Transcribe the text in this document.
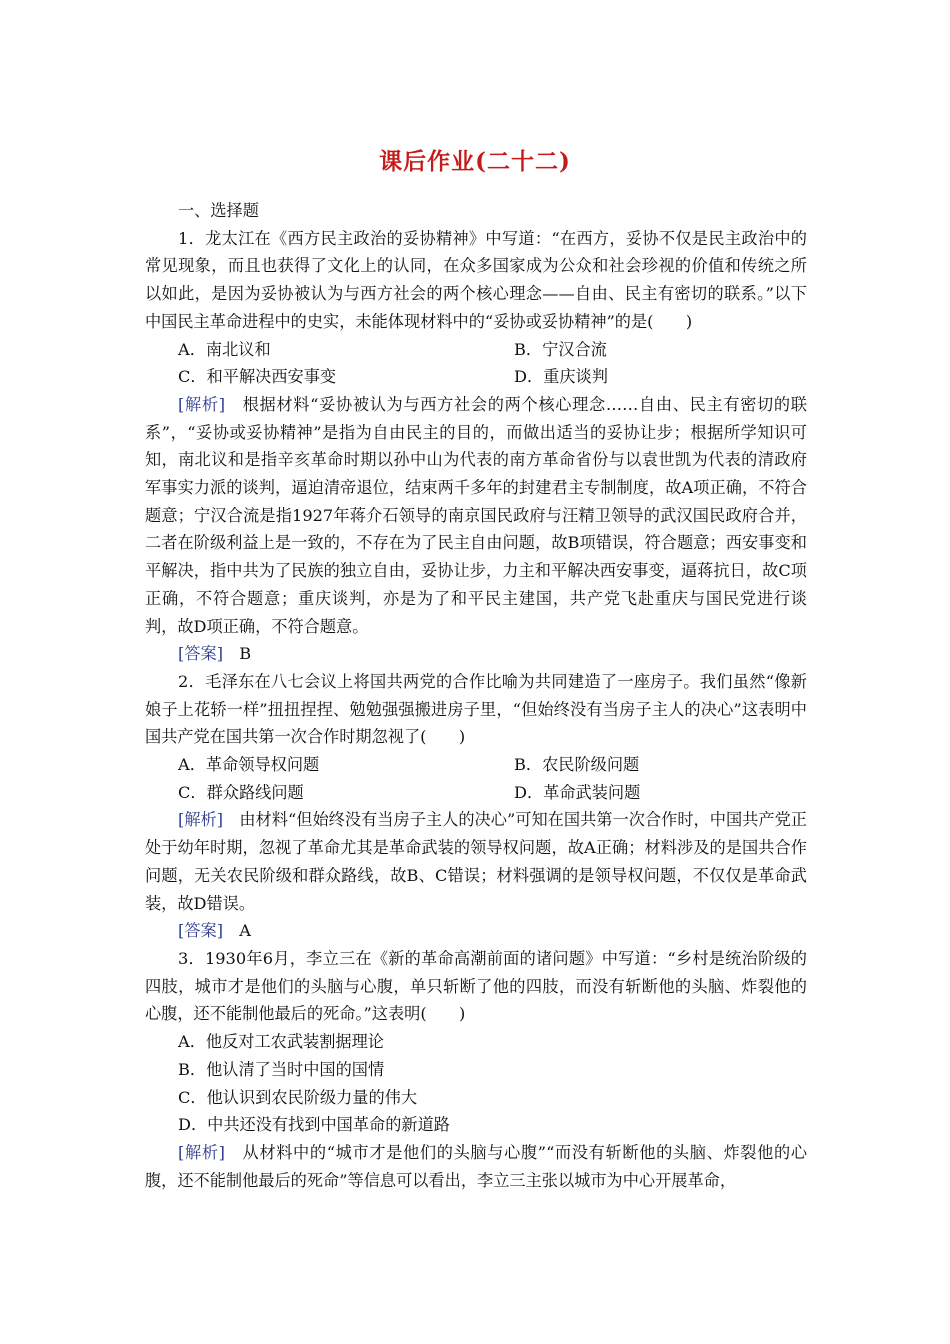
课后作业(二十二)

一、选择题

1．龙太江在《西方民主政治的妥协精神》中写道：“在西方，妥协不仅是民主政治中的常见现象，而且也获得了文化上的认同，在众多国家成为公众和社会珍视的价值和传统之所以如此，是因为妥协被认为与西方社会的两个核心理念——自由、民主有密切的联系。”以下中国民主革命进程中的史实，未能体现材料中的“妥协或妥协精神”的是(　　)

A．南北议和	B．宁汉合流
C．和平解决西安事变	D．重庆谈判

[解析]　 根据材料“妥协被认为与西方社会的两个核心理念……自由、民主有密切的联系”，“妥协或妥协精神”是指为自由民主的目的，而做出适当的妥协让步；根据所学知识可知，南北议和是指辛亥革命时期以孙中山为代表的南方革命省份与以袁世凯为代表的清政府军事实力派的谈判，逼迫清帝退位，结束两千多年的封建君主专制制度，故A项正确，不符合题意；宁汉合流是指1927年蒋介石领导的南京国民政府与汪精卫领导的武汉国民政府合并，二者在阶级利益上是一致的，不存在为了民主自由问题，故B项错误，符合题意；西安事变和平解决，指中共为了民族的独立自由，妥协让步，力主和平解决西安事变，逼蒋抗日，故C项正确，不符合题意；重庆谈判，亦是为了和平民主建国，共产党飞赴重庆与国民党进行谈判，故D项正确，不符合题意。

[答案]　 B

2．毛泽东在八七会议上将国共两党的合作比喻为共同建造了一座房子。我们虽然“像新娘子上花轿一样”扭扭捏捏、勉勉强强搬进房子里，“但始终没有当房子主人的决心”这表明中国共产党在国共第一次合作时期忽视了(　　)

A．革命领导权问题	B．农民阶级问题
C．群众路线问题	D．革命武装问题

[解析]　 由材料“但始终没有当房子主人的决心”可知在国共第一次合作时，中国共产党正处于幼年时期，忽视了革命尤其是革命武装的领导权问题，故A正确；材料涉及的是国共合作问题，无关农民阶级和群众路线，故B、C错误；材料强调的是领导权问题，不仅仅是革命武装，故D错误。

[答案]　 A

3．1930年6月，李立三在《新的革命高潮前面的诸问题》中写道：“乡村是统治阶级的四肢，城市才是他们的头脑与心腹，单只斩断了他的四肢，而没有斩断他的头脑、炸裂他的心腹，还不能制他最后的死命。”这表明(　　)

A．他反对工农武装割据理论

B．他认清了当时中国的国情

C．他认识到农民阶级力量的伟大

D．中共还没有找到中国革命的新道路

[解析]　 从材料中的“城市才是他们的头脑与心腹”“而没有斩断他的头脑、炸裂他的心腹，还不能制他最后的死命”等信息可以看出，李立三主张以城市为中心开展革命，
